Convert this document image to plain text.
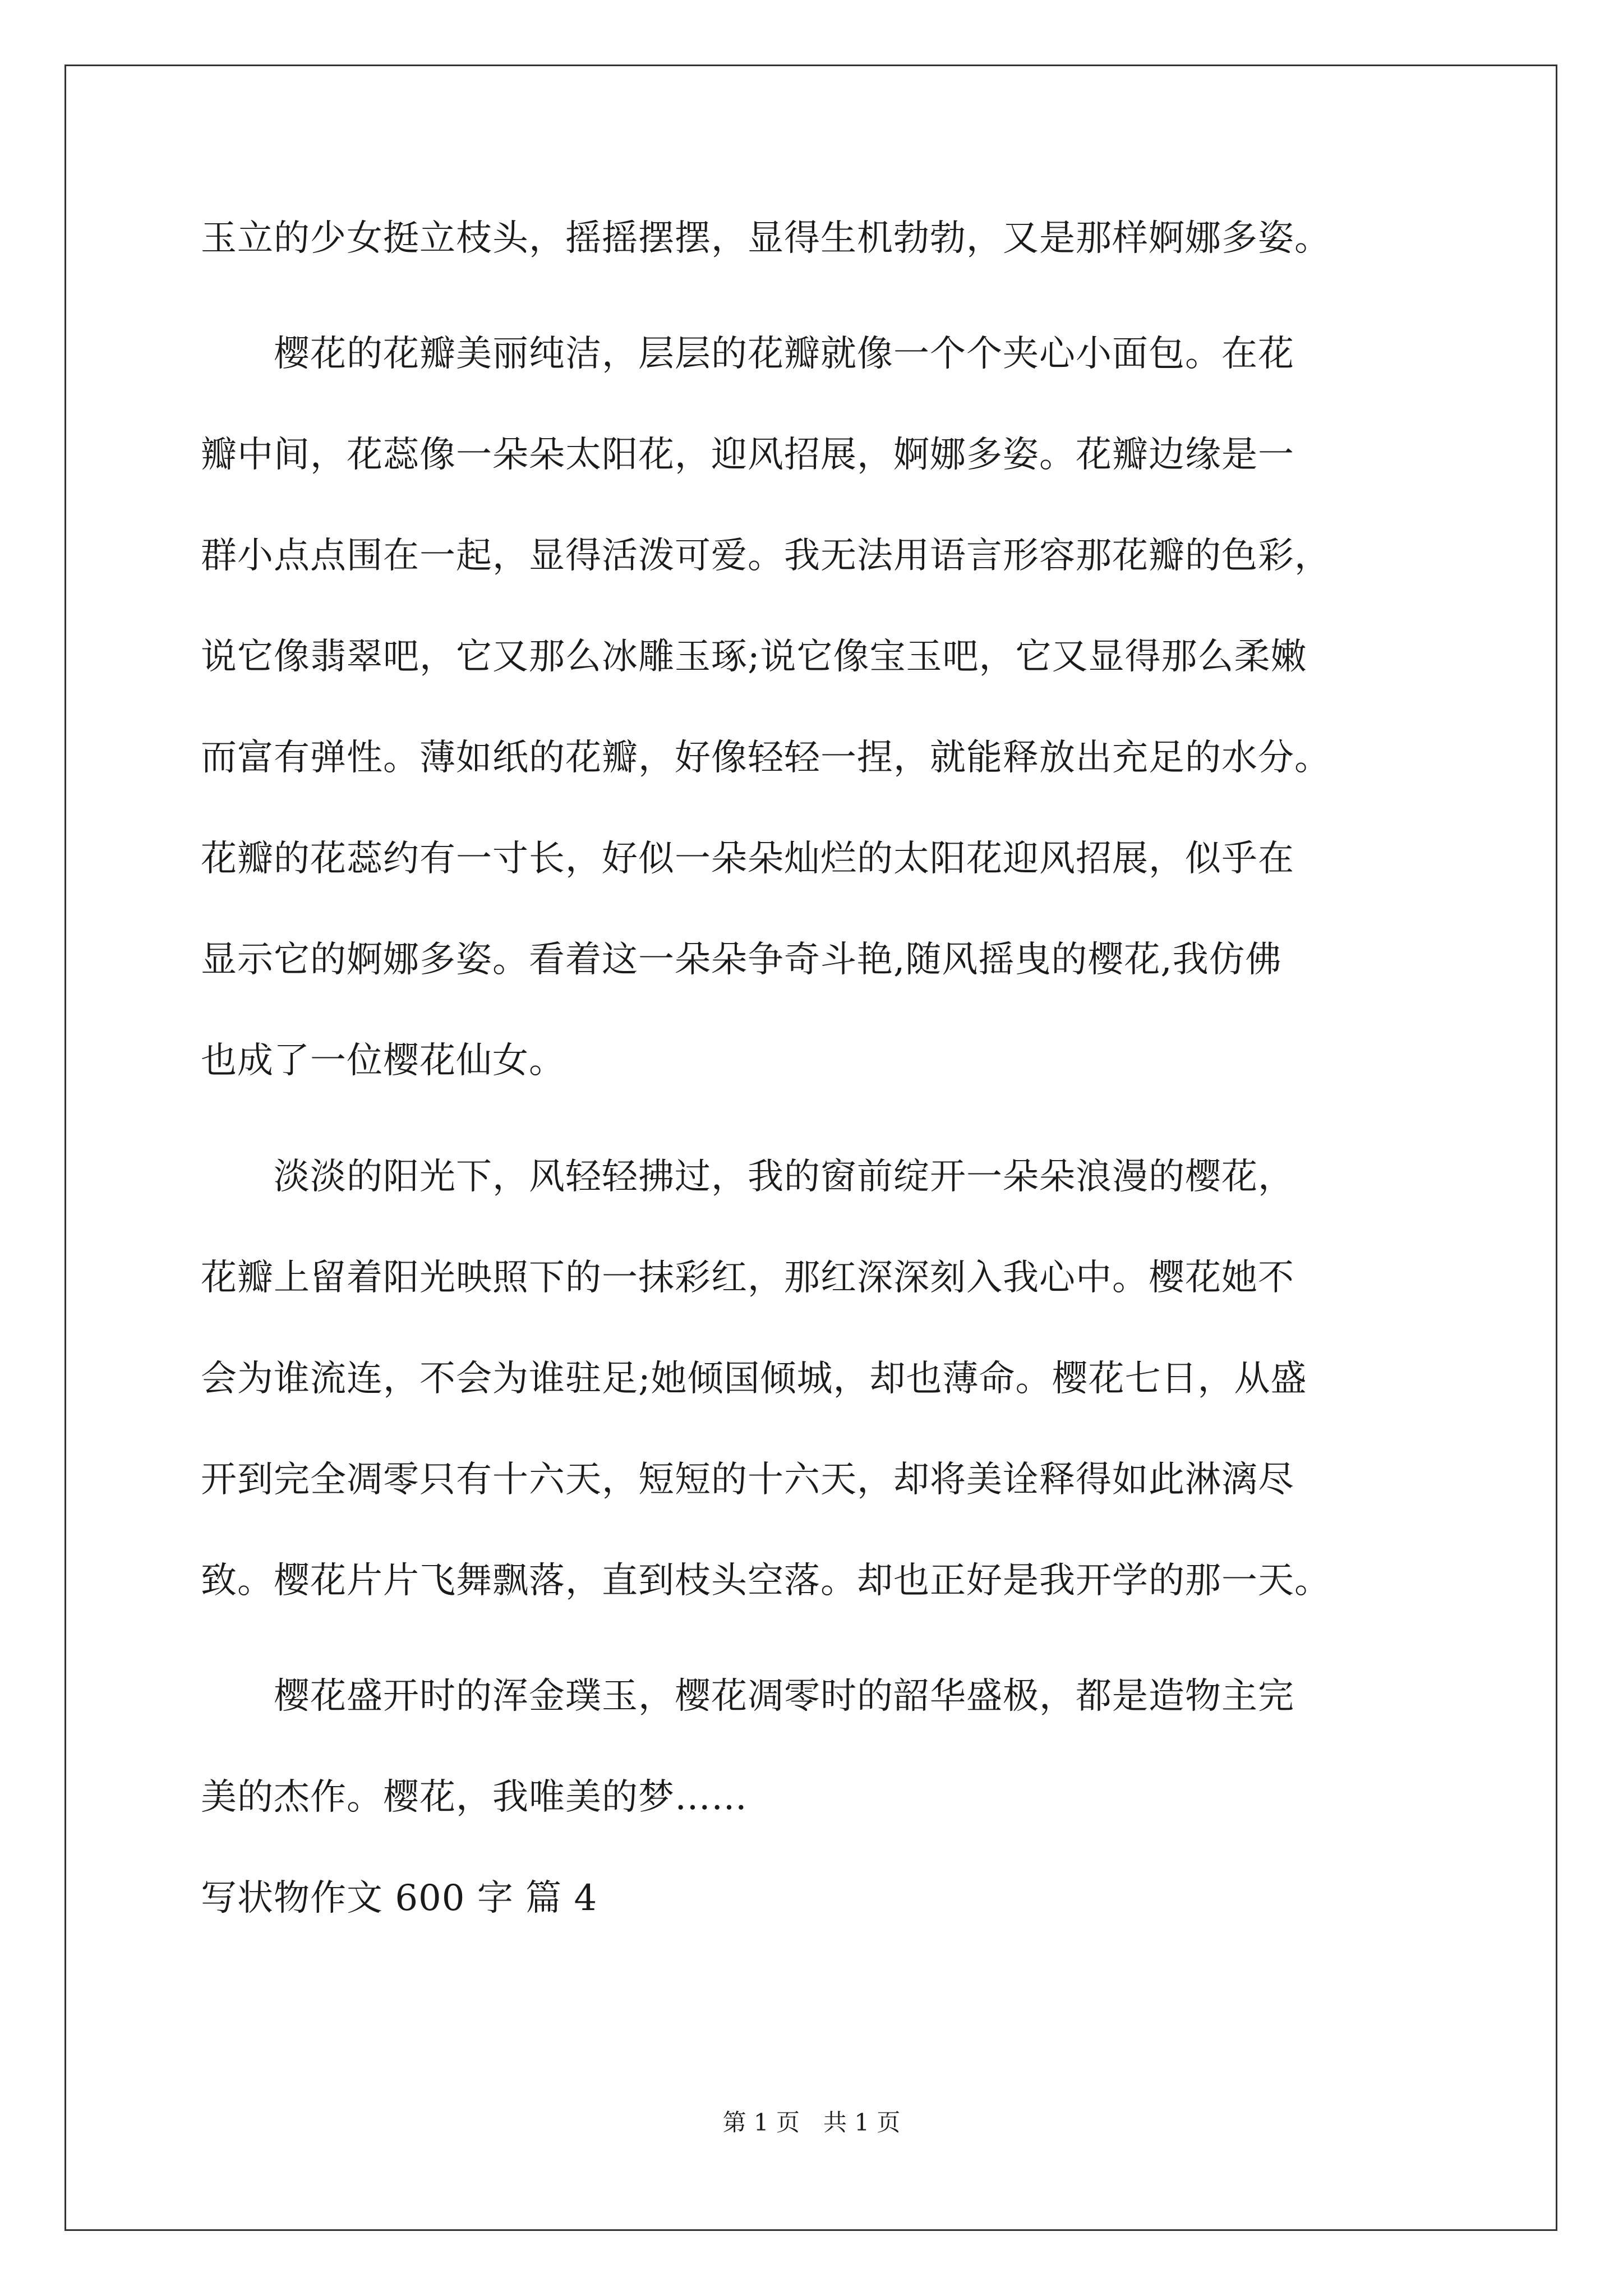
玉立的少女挺立枝头，摇摇摆摆，显得生机勃勃，又是那样婀娜多姿。
　　樱花的花瓣美丽纯洁，层层的花瓣就像一个个夹心小面包。在花
瓣中间，花蕊像一朵朵太阳花，迎风招展，婀娜多姿。花瓣边缘是一
群小点点围在一起，显得活泼可爱。我无法用语言形容那花瓣的色彩，
说它像翡翠吧，它又那么冰雕玉琢;说它像宝玉吧，它又显得那么柔嫩
而富有弹性。薄如纸的花瓣，好像轻轻一捏，就能释放出充足的水分。
花瓣的花蕊约有一寸长，好似一朵朵灿烂的太阳花迎风招展，似乎在
显示它的婀娜多姿。看着这一朵朵争奇斗艳,随风摇曳的樱花,我仿佛
也成了一位樱花仙女。
　　淡淡的阳光下，风轻轻拂过，我的窗前绽开一朵朵浪漫的樱花，
花瓣上留着阳光映照下的一抹彩红，那红深深刻入我心中。樱花她不
会为谁流连，不会为谁驻足;她倾国倾城，却也薄命。樱花七日，从盛
开到完全凋零只有十六天，短短的十六天，却将美诠释得如此淋漓尽
致。樱花片片飞舞飘落，直到枝头空落。却也正好是我开学的那一天。
　　樱花盛开时的浑金璞玉，樱花凋零时的韶华盛极，都是造物主完
美的杰作。樱花，我唯美的梦……
写状物作文 600 字 篇 4
第 1 页　共 1 页
